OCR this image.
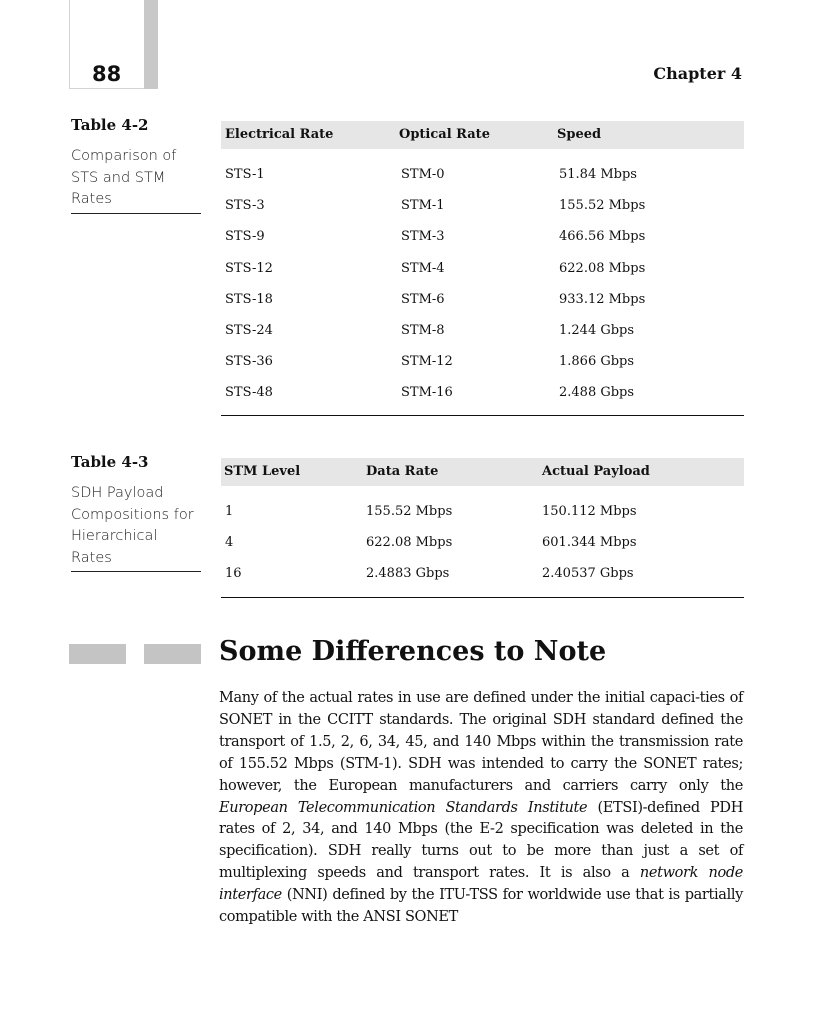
88	Chapter 4
Table 4-2
Comparison of STS and STM Rates
Electrical Rate	Optical Rate	Speed
STS-1	STM-0	51.84 Mbps
STS-3	STM-1	155.52 Mbps
STS-9	STM-3	466.56 Mbps
STS-12	STM-4	622.08 Mbps
STS-18	STM-6	933.12 Mbps
STS-24	STM-8	1.244 Gbps
STS-36	STM-12	1.866 Gbps
STS-48	STM-16	2.488 Gbps
Table 4-3
SDH Payload Compositions for Hierarchical Rates
STM Level	Data Rate	Actual Payload
1	155.52 Mbps	150.112 Mbps
4	622.08 Mbps	601.344 Mbps
16	2.4883 Gbps	2.40537 Gbps
Some Differences to Note

Many of the actual rates in use are defined under the initial capaci-ties of SONET in the CCITT standards. The original SDH standard defined the transport of 1.5, 2, 6, 34, 45, and 140 Mbps within the transmission rate of 155.52 Mbps (STM-1). SDH was intended to carry the SONET rates; however, the European manufacturers and carriers carry only the European Telecommunication Standards Institute (ETSI)-defined PDH rates of 2, 34, and 140 Mbps (the E-2 specification was deleted in the specification). SDH really turns out to be more than just a set of multiplexing speeds and transport rates. It is also a network node interface (NNI) defined by the ITU-TSS for worldwide use that is partially compatible with the ANSI SONET
